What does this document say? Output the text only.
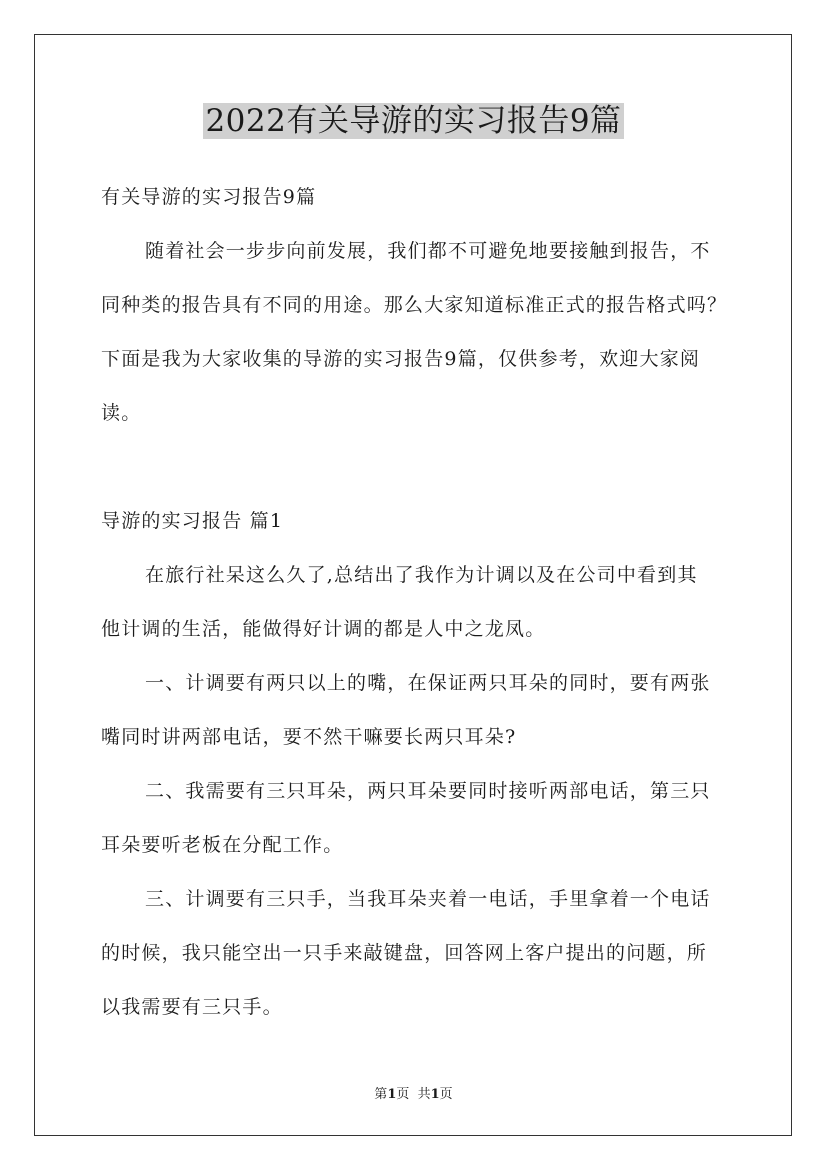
2022有关导游的实习报告9篇
有关导游的实习报告9篇
随着社会一步步向前发展，我们都不可避免地要接触到报告，不
同种类的报告具有不同的用途。那么大家知道标准正式的报告格式吗？
下面是我为大家收集的导游的实习报告9篇，仅供参考，欢迎大家阅
读。
导游的实习报告 篇1
在旅行社呆这么久了,总结出了我作为计调以及在公司中看到其
他计调的生活，能做得好计调的都是人中之龙凤。
一、计调要有两只以上的嘴，在保证两只耳朵的同时，要有两张
嘴同时讲两部电话，要不然干嘛要长两只耳朵?
二、我需要有三只耳朵，两只耳朵要同时接听两部电话，第三只
耳朵要听老板在分配工作。
三、计调要有三只手，当我耳朵夹着一电话，手里拿着一个电话
的时候，我只能空出一只手来敲键盘，回答网上客户提出的问题，所
以我需要有三只手。
第1页  共1页
